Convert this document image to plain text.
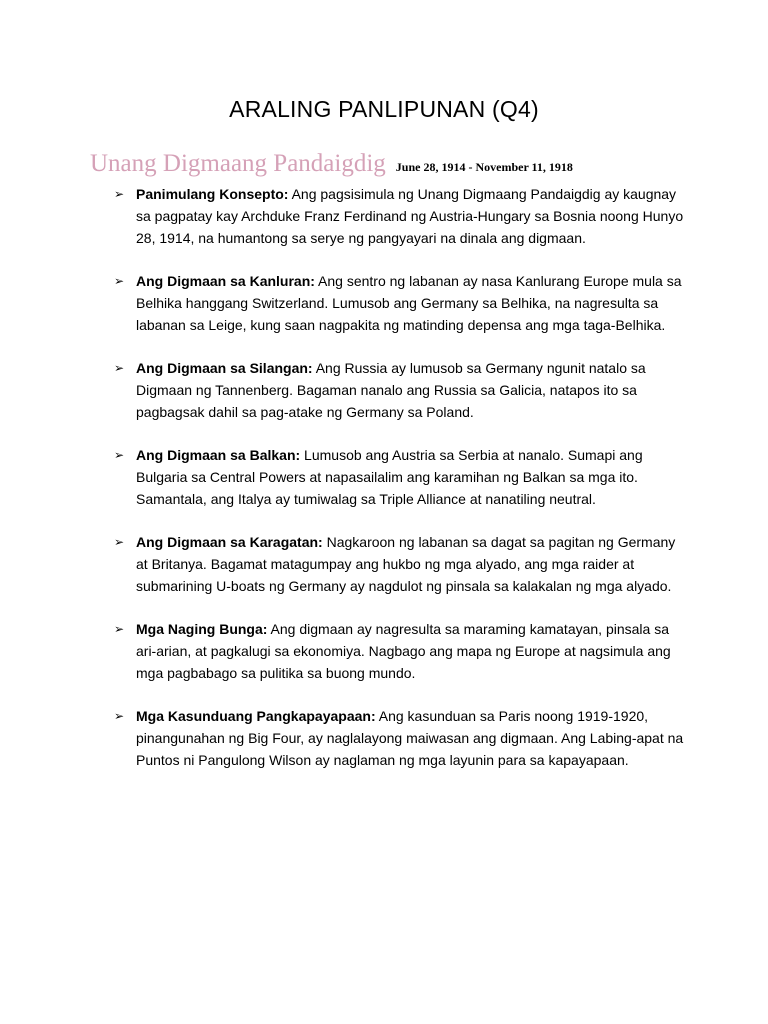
ARALING PANLIPUNAN (Q4)
Unang Digmaang Pandaigdig June 28, 1914 - November 11, 1918
➢ Panimulang Konsepto: Ang pagsisimula ng Unang Digmaang Pandaigdig ay kaugnay sa pagpatay kay Archduke Franz Ferdinand ng Austria-Hungary sa Bosnia noong Hunyo 28, 1914, na humantong sa serye ng pangyayari na dinala ang digmaan.
➢ Ang Digmaan sa Kanluran: Ang sentro ng labanan ay nasa Kanlurang Europe mula sa Belhika hanggang Switzerland. Lumusob ang Germany sa Belhika, na nagresulta sa labanan sa Leige, kung saan nagpakita ng matinding depensa ang mga taga-Belhika.
➢ Ang Digmaan sa Silangan: Ang Russia ay lumusob sa Germany ngunit natalo sa Digmaan ng Tannenberg. Bagaman nanalo ang Russia sa Galicia, natapos ito sa pagbagsak dahil sa pag-atake ng Germany sa Poland.
➢ Ang Digmaan sa Balkan: Lumusob ang Austria sa Serbia at nanalo. Sumapi ang Bulgaria sa Central Powers at napasailalim ang karamihan ng Balkan sa mga ito. Samantala, ang Italya ay tumiwalag sa Triple Alliance at nanatiling neutral.
➢ Ang Digmaan sa Karagatan: Nagkaroon ng labanan sa dagat sa pagitan ng Germany at Britanya. Bagamat matagumpay ang hukbo ng mga alyado, ang mga raider at submarining U-boats ng Germany ay nagdulot ng pinsala sa kalakalan ng mga alyado.
➢ Mga Naging Bunga: Ang digmaan ay nagresulta sa maraming kamatayan, pinsala sa ari-arian, at pagkalugi sa ekonomiya. Nagbago ang mapa ng Europe at nagsimula ang mga pagbabago sa pulitika sa buong mundo.
➢ Mga Kasunduang Pangkapayapaan: Ang kasunduan sa Paris noong 1919-1920, pinangunahan ng Big Four, ay naglalayong maiwasan ang digmaan. Ang Labing-apat na Puntos ni Pangulong Wilson ay naglaman ng mga layunin para sa kapayapaan.
